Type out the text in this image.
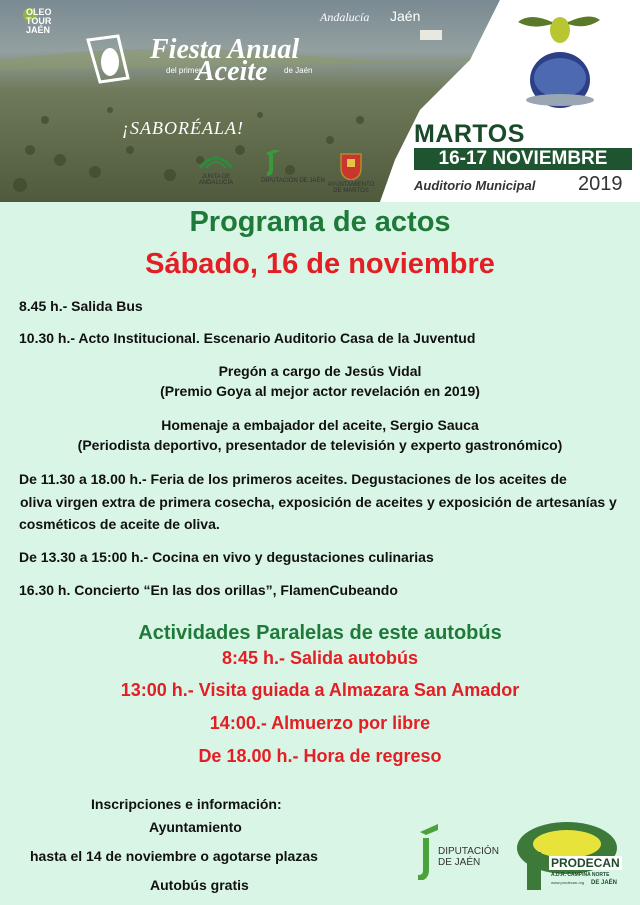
OLEO
TOUR
JAÉN
Andalucía Jaén
Fiesta Anual
del primer
Aceite de Jaén
¡SABORÉALA!
JUNTA DE ANDALUCIA	DIPUTACIÓN DE JAÉN
AYUNTAMIENTO DE MARTOS
MARTOS
16-17 NOVIEMBRE
Auditorio Municipal 2019
Programa de actos
Sábado, 16 de noviembre
8.45 h.- Salida Bus
10.30 h.- Acto Institucional. Escenario Auditorio Casa de la Juventud
Pregón a cargo de Jesús Vidal
(Premio Goya al mejor actor revelación en 2019)
Homenaje a embajador del aceite, Sergio Sauca
(Periodista deportivo, presentador de televisión y experto gastronómico)
De 11.30 a 18.00 h.- Feria de los primeros aceites. Degustaciones de los aceites de
oliva virgen extra de primera cosecha, exposición de aceites y exposición de artesanías y
cosméticos de aceite de oliva.
De 13.30 a 15:00 h.- Cocina en vivo y degustaciones culinarias
16.30 h. Concierto “En las dos orillas”, FlamenCubeando
Actividades Paralelas de este autobús
8:45 h.- Salida autobús
13:00 h.- Visita guiada a Almazara San Amador
14:00.- Almuerzo por libre
De 18.00 h.- Hora de regreso
Inscripciones e información:
Ayuntamiento
hasta el 14 de noviembre o agotarse plazas
Autobús gratis
DIPUTACIÓN
DE JAÉN	PRODECAN
A.D.R. CAMPIÑA NORTE
www.prodecan.org DE JAÉN
